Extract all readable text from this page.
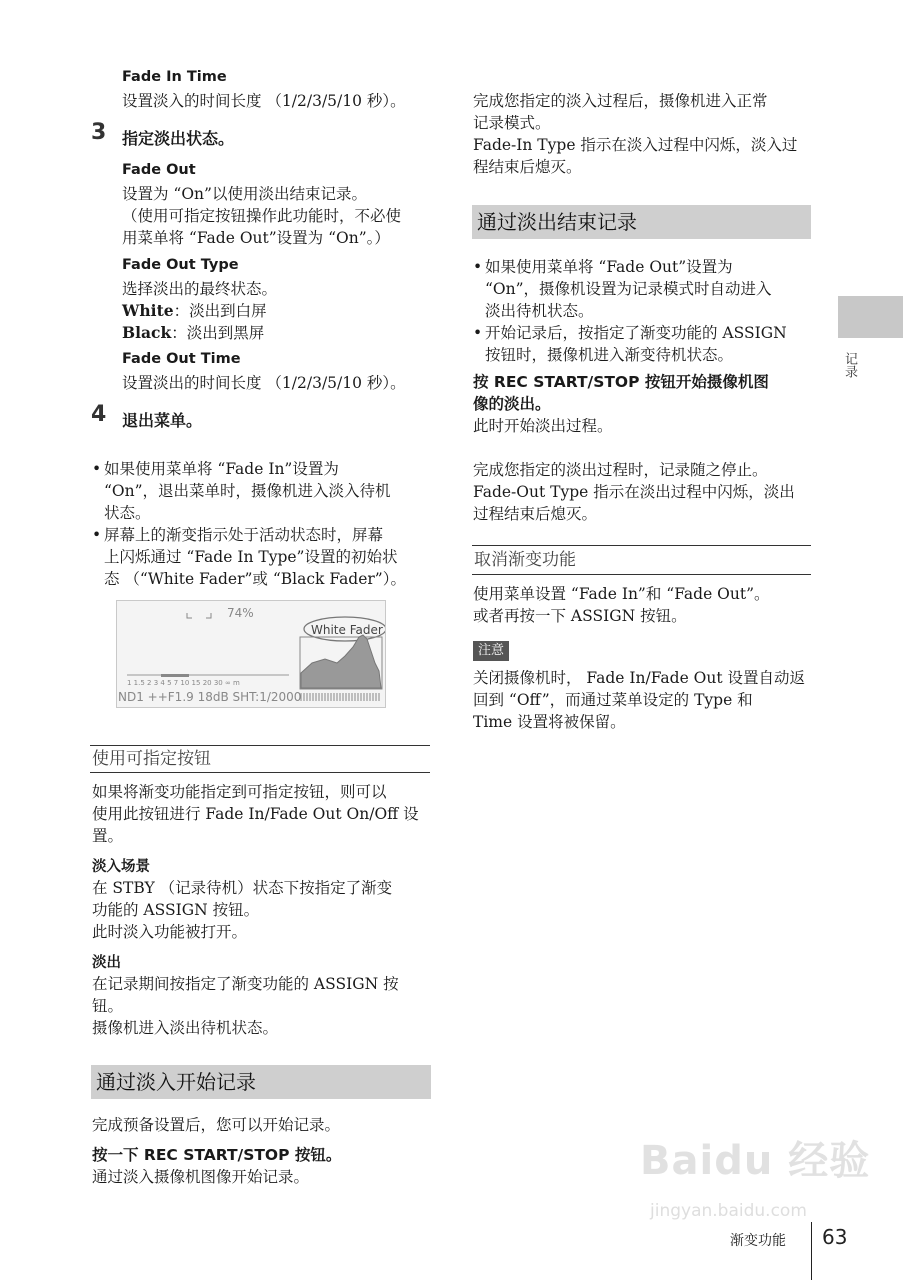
Fade In Time

设置淡入的时间长度 （1/2/3/5/10 秒）。

3 指定淡出状态。

Fade Out

设置为 “On”以使用淡出结束记录。

（使用可指定按钮操作此功能时，不必使

用菜单将 “Fade Out”设置为 “On”。）

Fade Out Type

选择淡出的最终状态。

White：淡出到白屏

Black：淡出到黑屏

Fade Out Time

设置淡出的时间长度 （1/2/3/5/10 秒）。

4 退出菜单。
• 如果使用菜单将 “Fade In”设置为
“On”，退出菜单时，摄像机进入淡入待机
状态。
• 屏幕上的渐变指示处于活动状态时，屏幕
上闪烁通过 “Fade In Type”设置的初始状
态 （“White Fader”或 “Black Fader”）。
74%
White Fader
1 1.5 2 3 4 5 7 10 15 20 30 ∞ m
ND1 ++F1.9 18dB SHT:1/2000
使用可指定按钮

如果将渐变功能指定到可指定按钮，则可以

使用此按钮进行 Fade In/Fade Out On/Off 设

置。

淡入场景

在 STBY （记录待机）状态下按指定了渐变

功能的 ASSIGN 按钮。

此时淡入功能被打开。

淡出

在记录期间按指定了渐变功能的 ASSIGN 按

钮。

摄像机进入淡出待机状态。

通过淡入开始记录

完成预备设置后，您可以开始记录。

按一下 REC START/STOP 按钮。

通过淡入摄像机图像开始记录。

完成您指定的淡入过程后，摄像机进入正常

记录模式。

Fade-In Type 指示在淡入过程中闪烁，淡入过

程结束后熄灭。

通过淡出结束记录
• 如果使用菜单将 “Fade Out”设置为
“On”，摄像机设置为记录模式时自动进入
淡出待机状态。
• 开始记录后，按指定了渐变功能的 ASSIGN
按钮时，摄像机进入渐变待机状态。

按 REC START/STOP 按钮开始摄像机图

像的淡出。

此时开始淡出过程。

完成您指定的淡出过程时，记录随之停止。

Fade-Out Type 指示在淡出过程中闪烁，淡出

过程结束后熄灭。

取消渐变功能

使用菜单设置 “Fade In”和 “Fade Out”。

或者再按一下 ASSIGN 按钮。

注意

关闭摄像机时， Fade In/Fade Out 设置自动返

回到 “Off”，而通过菜单设定的 Type 和

Time 设置将被保留。

记录
Baidu 经验
jingyan.baidu.com
渐变功能 63
